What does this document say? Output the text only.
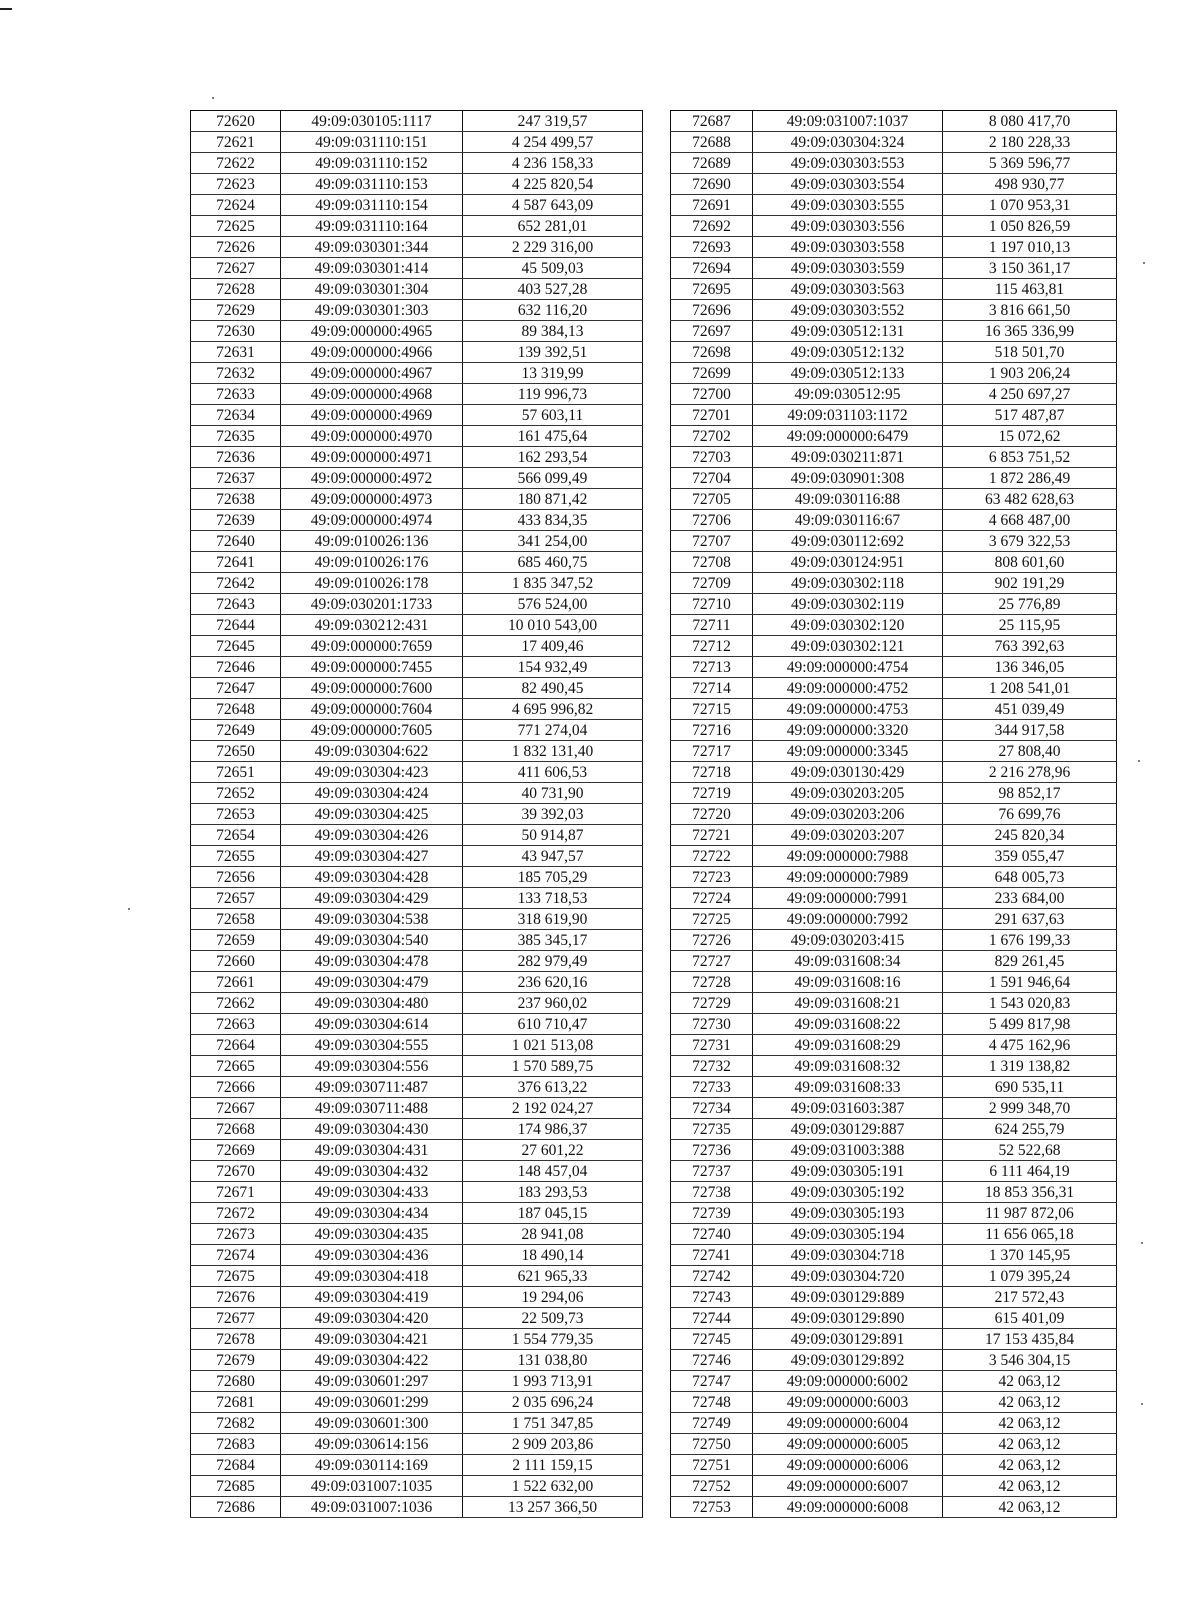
72620	49:09:030105:1117	247 319,57
72621	49:09:031110:151	4 254 499,57
72622	49:09:031110:152	4 236 158,33
72623	49:09:031110:153	4 225 820,54
72624	49:09:031110:154	4 587 643,09
72625	49:09:031110:164	652 281,01
72626	49:09:030301:344	2 229 316,00
72627	49:09:030301:414	45 509,03
72628	49:09:030301:304	403 527,28
72629	49:09:030301:303	632 116,20
72630	49:09:000000:4965	89 384,13
72631	49:09:000000:4966	139 392,51
72632	49:09:000000:4967	13 319,99
72633	49:09:000000:4968	119 996,73
72634	49:09:000000:4969	57 603,11
72635	49:09:000000:4970	161 475,64
72636	49:09:000000:4971	162 293,54
72637	49:09:000000:4972	566 099,49
72638	49:09:000000:4973	180 871,42
72639	49:09:000000:4974	433 834,35
72640	49:09:010026:136	341 254,00
72641	49:09:010026:176	685 460,75
72642	49:09:010026:178	1 835 347,52
72643	49:09:030201:1733	576 524,00
72644	49:09:030212:431	10 010 543,00
72645	49:09:000000:7659	17 409,46
72646	49:09:000000:7455	154 932,49
72647	49:09:000000:7600	82 490,45
72648	49:09:000000:7604	4 695 996,82
72649	49:09:000000:7605	771 274,04
72650	49:09:030304:622	1 832 131,40
72651	49:09:030304:423	411 606,53
72652	49:09:030304:424	40 731,90
72653	49:09:030304:425	39 392,03
72654	49:09:030304:426	50 914,87
72655	49:09:030304:427	43 947,57
72656	49:09:030304:428	185 705,29
72657	49:09:030304:429	133 718,53
72658	49:09:030304:538	318 619,90
72659	49:09:030304:540	385 345,17
72660	49:09:030304:478	282 979,49
72661	49:09:030304:479	236 620,16
72662	49:09:030304:480	237 960,02
72663	49:09:030304:614	610 710,47
72664	49:09:030304:555	1 021 513,08
72665	49:09:030304:556	1 570 589,75
72666	49:09:030711:487	376 613,22
72667	49:09:030711:488	2 192 024,27
72668	49:09:030304:430	174 986,37
72669	49:09:030304:431	27 601,22
72670	49:09:030304:432	148 457,04
72671	49:09:030304:433	183 293,53
72672	49:09:030304:434	187 045,15
72673	49:09:030304:435	28 941,08
72674	49:09:030304:436	18 490,14
72675	49:09:030304:418	621 965,33
72676	49:09:030304:419	19 294,06
72677	49:09:030304:420	22 509,73
72678	49:09:030304:421	1 554 779,35
72679	49:09:030304:422	131 038,80
72680	49:09:030601:297	1 993 713,91
72681	49:09:030601:299	2 035 696,24
72682	49:09:030601:300	1 751 347,85
72683	49:09:030614:156	2 909 203,86
72684	49:09:030114:169	2 111 159,15
72685	49:09:031007:1035	1 522 632,00
72686	49:09:031007:1036	13 257 366,50
72687	49:09:031007:1037	8 080 417,70
72688	49:09:030304:324	2 180 228,33
72689	49:09:030303:553	5 369 596,77
72690	49:09:030303:554	498 930,77
72691	49:09:030303:555	1 070 953,31
72692	49:09:030303:556	1 050 826,59
72693	49:09:030303:558	1 197 010,13
72694	49:09:030303:559	3 150 361,17
72695	49:09:030303:563	115 463,81
72696	49:09:030303:552	3 816 661,50
72697	49:09:030512:131	16 365 336,99
72698	49:09:030512:132	518 501,70
72699	49:09:030512:133	1 903 206,24
72700	49:09:030512:95	4 250 697,27
72701	49:09:031103:1172	517 487,87
72702	49:09:000000:6479	15 072,62
72703	49:09:030211:871	6 853 751,52
72704	49:09:030901:308	1 872 286,49
72705	49:09:030116:88	63 482 628,63
72706	49:09:030116:67	4 668 487,00
72707	49:09:030112:692	3 679 322,53
72708	49:09:030124:951	808 601,60
72709	49:09:030302:118	902 191,29
72710	49:09:030302:119	25 776,89
72711	49:09:030302:120	25 115,95
72712	49:09:030302:121	763 392,63
72713	49:09:000000:4754	136 346,05
72714	49:09:000000:4752	1 208 541,01
72715	49:09:000000:4753	451 039,49
72716	49:09:000000:3320	344 917,58
72717	49:09:000000:3345	27 808,40
72718	49:09:030130:429	2 216 278,96
72719	49:09:030203:205	98 852,17
72720	49:09:030203:206	76 699,76
72721	49:09:030203:207	245 820,34
72722	49:09:000000:7988	359 055,47
72723	49:09:000000:7989	648 005,73
72724	49:09:000000:7991	233 684,00
72725	49:09:000000:7992	291 637,63
72726	49:09:030203:415	1 676 199,33
72727	49:09:031608:34	829 261,45
72728	49:09:031608:16	1 591 946,64
72729	49:09:031608:21	1 543 020,83
72730	49:09:031608:22	5 499 817,98
72731	49:09:031608:29	4 475 162,96
72732	49:09:031608:32	1 319 138,82
72733	49:09:031608:33	690 535,11
72734	49:09:031603:387	2 999 348,70
72735	49:09:030129:887	624 255,79
72736	49:09:031003:388	52 522,68
72737	49:09:030305:191	6 111 464,19
72738	49:09:030305:192	18 853 356,31
72739	49:09:030305:193	11 987 872,06
72740	49:09:030305:194	11 656 065,18
72741	49:09:030304:718	1 370 145,95
72742	49:09:030304:720	1 079 395,24
72743	49:09:030129:889	217 572,43
72744	49:09:030129:890	615 401,09
72745	49:09:030129:891	17 153 435,84
72746	49:09:030129:892	3 546 304,15
72747	49:09:000000:6002	42 063,12
72748	49:09:000000:6003	42 063,12
72749	49:09:000000:6004	42 063,12
72750	49:09:000000:6005	42 063,12
72751	49:09:000000:6006	42 063,12
72752	49:09:000000:6007	42 063,12
72753	49:09:000000:6008	42 063,12
